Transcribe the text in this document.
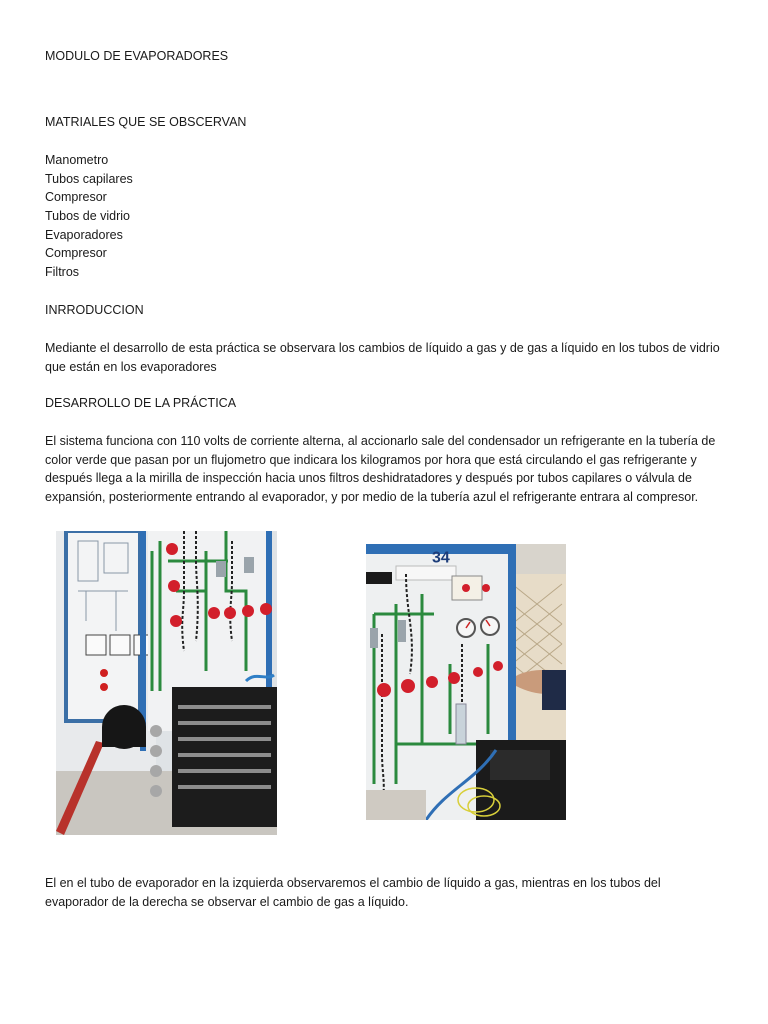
MODULO DE EVAPORADORES
MATRIALES QUE SE OBSCERVAN
Manometro
Tubos capilares
Compresor
Tubos de vidrio
Evaporadores
Compresor
Filtros
INRRODUCCION
Mediante el desarrollo de esta práctica se observara los cambios de líquido a gas y de gas a líquido en los tubos de vidrio que están en los evaporadores
DESARROLLO DE LA PRÁCTICA
El sistema funciona con 110 volts de corriente alterna, al accionarlo sale del condensador un refrigerante en la tubería de color verde que pasan por un flujometro que indicara los kilogramos por hora que está circulando el gas refrigerante y después llega a la mirilla de inspección hacia unos filtros deshidratadores y después por tubos capilares o válvula de expansión, posteriormente entrando al evaporador, y por medio de la tubería azul el refrigerante entrara al compresor.
El en el tubo de evaporador en la izquierda observaremos el cambio de líquido a gas, mientras en los tubos del evaporador de la derecha se observar el cambio de gas a líquido.
34
